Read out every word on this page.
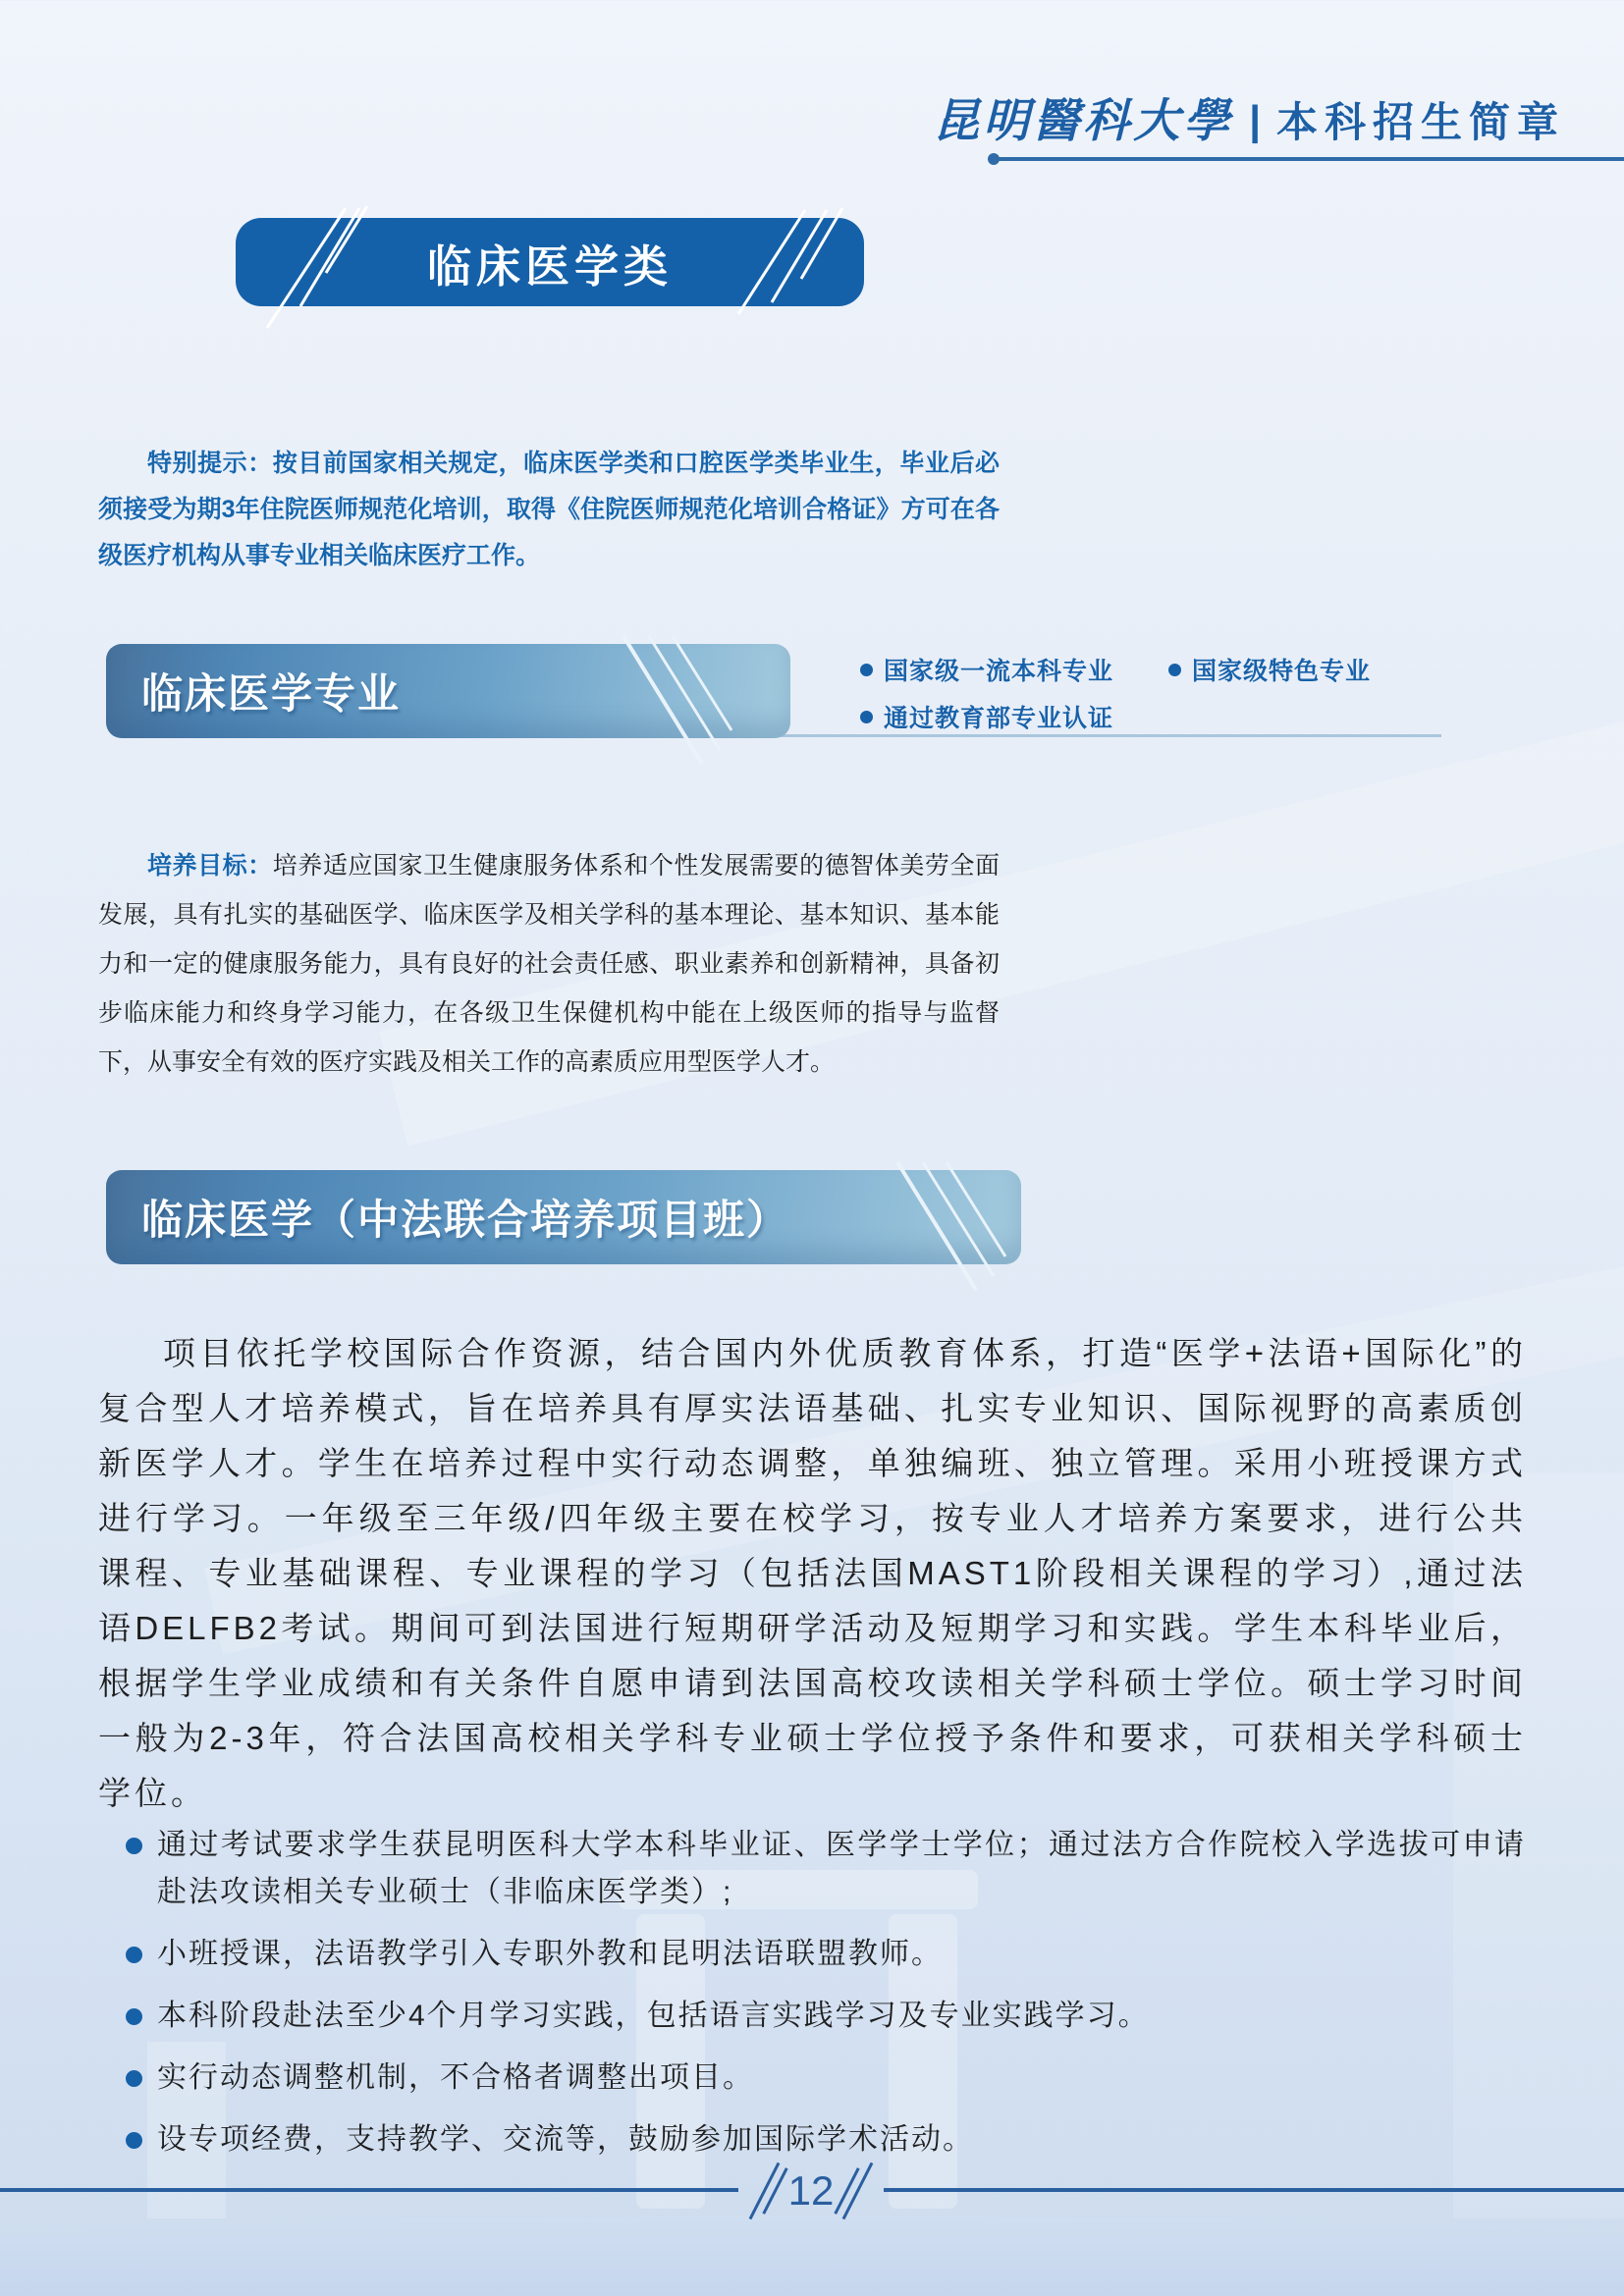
昆明醫科大學 | 本科招生简章
临床医学类

特别提示：按目前国家相关规定，临床医学类和口腔医学类毕业生，毕业后必须接受为期3年住院医师规范化培训，取得《住院医师规范化培训合格证》方可在各级医疗机构从事专业相关临床医疗工作。

临床医学专业	国家级一流本科专业	国家级特色专业
通过教育部专业认证

培养目标：培养适应国家卫生健康服务体系和个性发展需要的德智体美劳全面发展，具有扎实的基础医学、临床医学及相关学科的基本理论、基本知识、基本能力和一定的健康服务能力，具有良好的社会责任感、职业素养和创新精神，具备初步临床能力和终身学习能力，在各级卫生保健机构中能在上级医师的指导与监督下，从事安全有效的医疗实践及相关工作的高素质应用型医学人才。

临床医学（中法联合培养项目班）

项目依托学校国际合作资源，结合国内外优质教育体系，打造“医学+法语+国际化”的复合型人才培养模式，旨在培养具有厚实法语基础、扎实专业知识、国际视野的高素质创新医学人才。学生在培养过程中实行动态调整，单独编班、独立管理。采用小班授课方式进行学习。一年级至三年级/四年级主要在校学习，按专业人才培养方案要求，进行公共课程、专业基础课程、专业课程的学习（包括法国MAST1阶段相关课程的学习）,通过法语DELFB2考试。期间可到法国进行短期研学活动及短期学习和实践。学生本科毕业后，根据学生学业成绩和有关条件自愿申请到法国高校攻读相关学科硕士学位。硕士学习时间一般为2-3年，符合法国高校相关学科专业硕士学位授予条件和要求，可获相关学科硕士学位。

通过考试要求学生获昆明医科大学本科毕业证、医学学士学位；通过法方合作院校入学选拔可申请赴法攻读相关专业硕士（非临床医学类）;
小班授课，法语教学引入专职外教和昆明法语联盟教师。
本科阶段赴法至少4个月学习实践，包括语言实践学习及专业实践学习。
实行动态调整机制，不合格者调整出项目。
设专项经费，支持教学、交流等，鼓励参加国际学术活动。
12
